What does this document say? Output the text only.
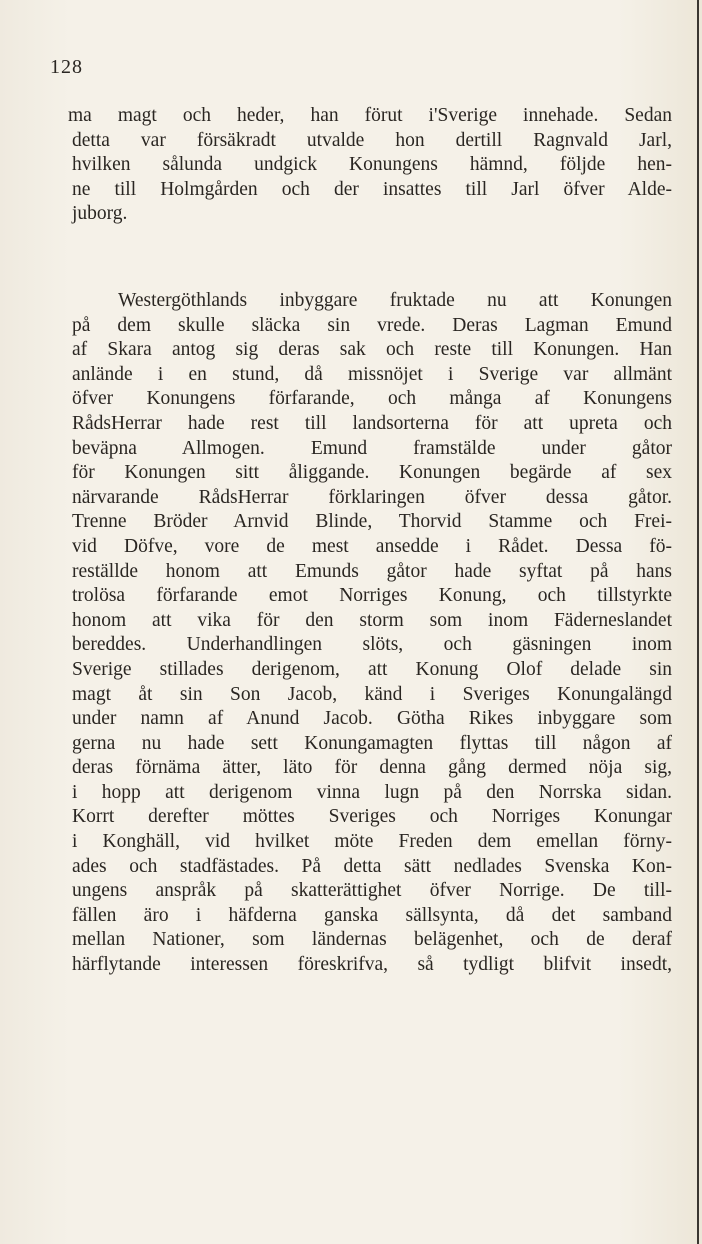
128

ma magt och heder, han förut i'Sverige innehade. Sedan
detta var försäkradt utvalde hon dertill Ragnvald Jarl,
hvilken sålunda undgick Konungens hämnd, följde hen-
ne till Holmgården och der insattes till Jarl öfver Alde-
juborg.

Westergöthlands inbyggare fruktade nu att Konungen
på dem skulle släcka sin vrede. Deras Lagman Emund
af Skara antog sig deras sak och reste till Konungen. Han
anlände i en stund, då missnöjet i Sverige var allmänt
öfver Konungens förfarande, och många af Konungens
RådsHerrar hade rest till landsorterna för att upreta och
beväpna Allmogen. Emund framstälde under gåtor
för Konungen sitt åliggande. Konungen begärde af sex
närvarande RådsHerrar förklaringen öfver dessa gåtor.
Trenne Bröder Arnvid Blinde, Thorvid Stamme och Frei-
vid Döfve, vore de mest ansedde i Rådet. Dessa fö-
reställde honom att Emunds gåtor hade syftat på hans
trolösa förfarande emot Norriges Konung, och tillstyrkte
honom att vika för den storm som inom Fäderneslandet
bereddes. Underhandlingen slöts, och gäsningen inom
Sverige stillades derigenom, att Konung Olof delade sin
magt åt sin Son Jacob, känd i Sveriges Konungalängd
under namn af Anund Jacob. Götha Rikes inbyggare som
gerna nu hade sett Konungamagten flyttas till någon af
deras förnäma ätter, läto för denna gång dermed nöja sig,
i hopp att derigenom vinna lugn på den Norrska sidan.
Korrt derefter möttes Sveriges och Norriges Konungar
i Konghäll, vid hvilket möte Freden dem emellan förny-
ades och stadfästades. På detta sätt nedlades Svenska Kon-
ungens anspråk på skatterättighet öfver Norrige. De till-
fällen äro i häfderna ganska sällsynta, då det samband
mellan Nationer, som ländernas belägenhet, och de deraf
härflytande interessen föreskrifva, så tydligt blifvit insedt,
